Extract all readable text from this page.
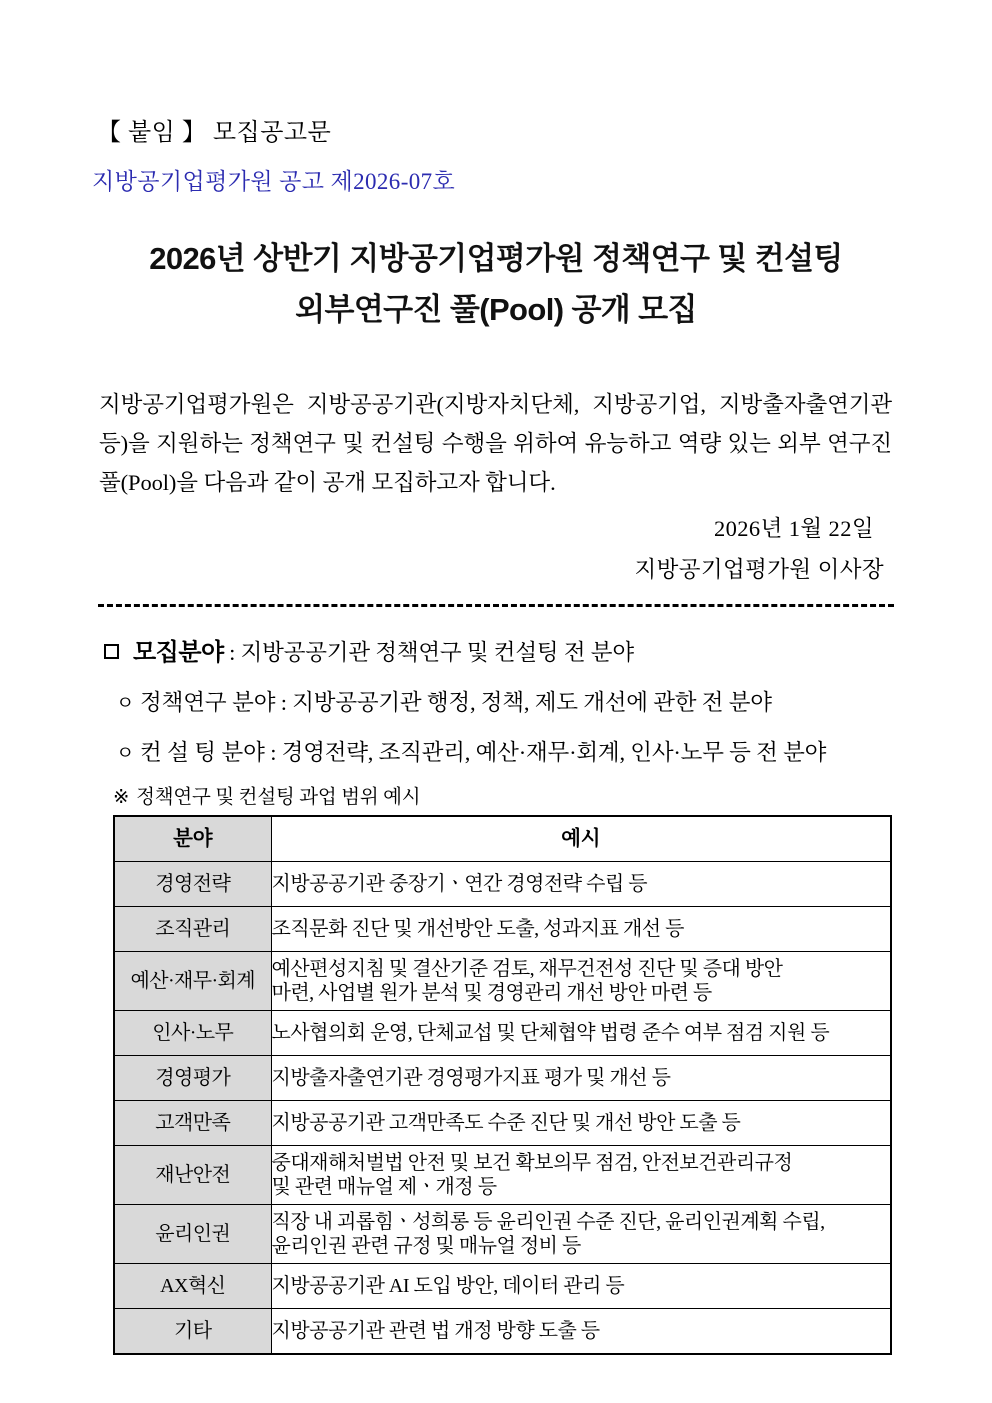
【 붙임 】 모집공고문
지방공기업평가원 공고 제2026-07호
2026년 상반기 지방공기업평가원 정책연구 및 컨설팅
외부연구진 풀(Pool) 공개 모집
지방공기업평가원은 지방공공기관(지방자치단체, 지방공기업, 지방출자출연기관 등)을 지원하는 정책연구 및 컨설팅 수행을 위하여 유능하고 역량 있는 외부 연구진 풀(Pool)을 다음과 같이 공개 모집하고자 합니다.
2026년 1월 22일
지방공기업평가원 이사장
모집분야 : 지방공공기관 정책연구 및 컨설팅 전 분야
ㅇ 정책연구 분야 : 지방공공기관 행정, 정책, 제도 개선에 관한 전 분야
ㅇ 컨 설 팅 분야 : 경영전략, 조직관리, 예산·재무·회계, 인사·노무 등 전 분야
※ 정책연구 및 컨설팅 과업 범위 예시
분야	예시
경영전략	지방공공기관 중장기ㆍ연간 경영전략 수립 등

조직관리	조직문화 진단 및 개선방안 도출, 성과지표 개선 등

예산·재무·회계	예산편성지침 및 결산기준 검토, 재무건전성 진단 및 증대 방안
마련, 사업별 원가 분석 및 경영관리 개선 방안 마련 등

인사·노무	노사협의회 운영, 단체교섭 및 단체협약 법령 준수 여부 점검 지원 등

경영평가	지방출자출연기관 경영평가지표 평가 및 개선 등

고객만족	지방공공기관 고객만족도 수준 진단 및 개선 방안 도출 등

재난안전	중대재해처벌법 안전 및 보건 확보의무 점검, 안전보건관리규정
및 관련 매뉴얼 제ㆍ개정 등

윤리인권	직장 내 괴롭힘ㆍ성희롱 등 윤리인권 수준 진단, 윤리인권계획 수립,
윤리인권 관련 규정 및 매뉴얼 정비 등

AX혁신	지방공공기관 AI 도입 방안, 데이터 관리 등

기타	지방공공기관 관련 법 개정 방향 도출 등
